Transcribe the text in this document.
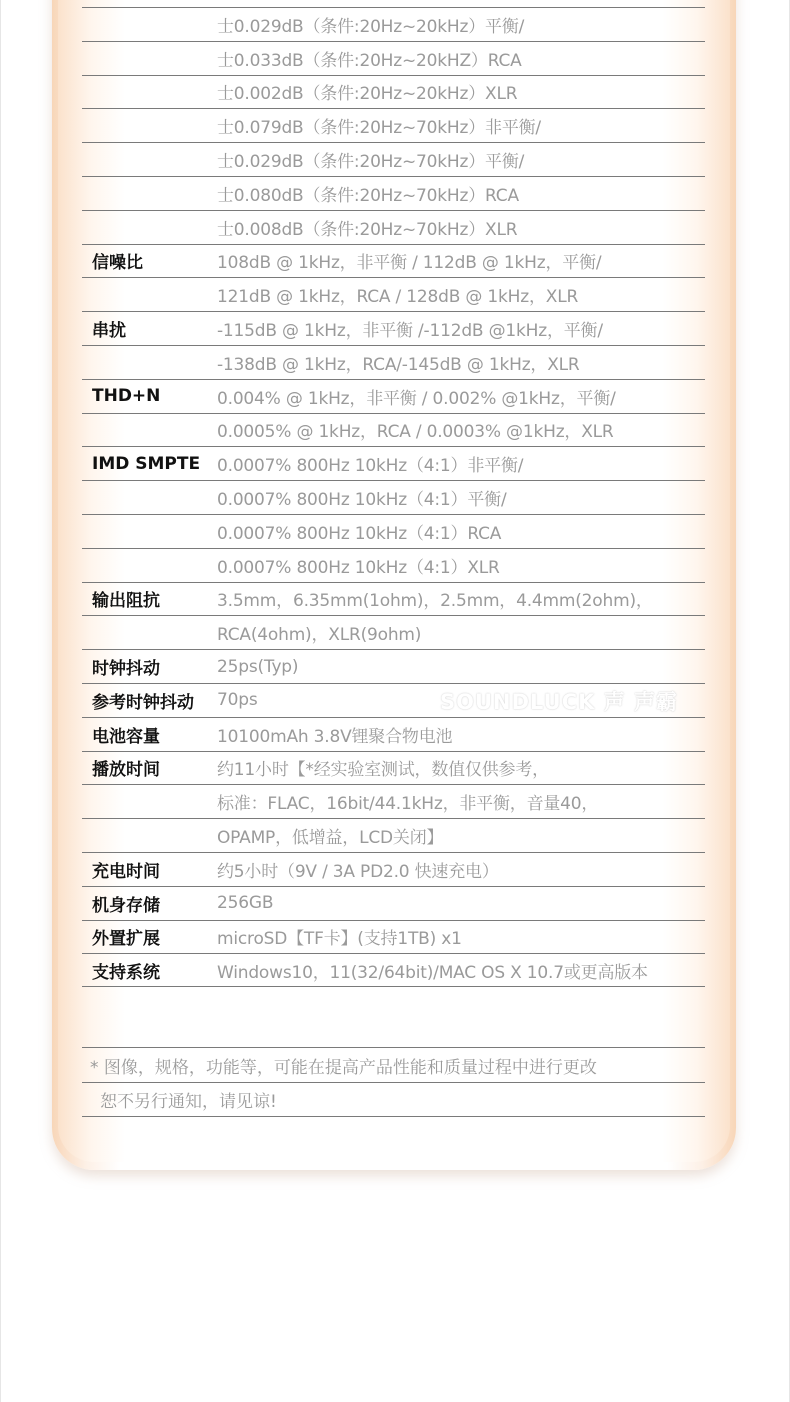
士0.029dB（条件:20Hz~20kHz）平衡/
士0.033dB（条件:20Hz~20kHZ）RCA
士0.002dB（条件:20Hz~20kHz）XLR
士0.079dB（条件:20Hz~70kHz）非平衡/
士0.029dB（条件:20Hz~70kHz）平衡/
士0.080dB（条件:20Hz~70kHz）RCA
士0.008dB（条件:20Hz~70kHz）XLR
信噪比	108dB @ 1kHz，非平衡 / 112dB @ 1kHz，平衡/
121dB @ 1kHz，RCA / 128dB @ 1kHz，XLR
串扰	-115dB @ 1kHz，非平衡 /-112dB @1kHz，平衡/
-138dB @ 1kHz，RCA/-145dB @ 1kHz，XLR
THD+N	0.004% @ 1kHz，非平衡 / 0.002% @1kHz，平衡/
0.0005% @ 1kHz，RCA / 0.0003% @1kHz，XLR
IMD SMPTE 0.0007% 800Hz 10kHz（4:1）非平衡/
0.0007% 800Hz 10kHz（4:1）平衡/
0.0007% 800Hz 10kHz（4:1）RCA
0.0007% 800Hz 10kHz（4:1）XLR
输出阻抗	3.5mm，6.35mm(1ohm)，2.5mm，4.4mm(2ohm)，
RCA(4ohm)，XLR(9ohm)
时钟抖动	25ps(Typ)
参考时钟抖动	70ps
电池容量	10100mAh 3.8V锂聚合物电池
播放时间	约11小时【*经实验室测试，数值仅供参考，
标准：FLAC，16bit/44.1kHz，非平衡，音量40，
OPAMP，低增益，LCD关闭】
充电时间	约5小时（9V / 3A PD2.0 快速充电）
机身存储	256GB
外置扩展	microSD【TF卡】(支持1TB) x1
支持系统	Windows10，11(32/64bit)/MAC OS X 10.7或更高版本
SOUNDLUCK 声 声霸
* 图像，规格，功能等，可能在提高产品性能和质量过程中进行更改
恕不另行通知，请见谅!
